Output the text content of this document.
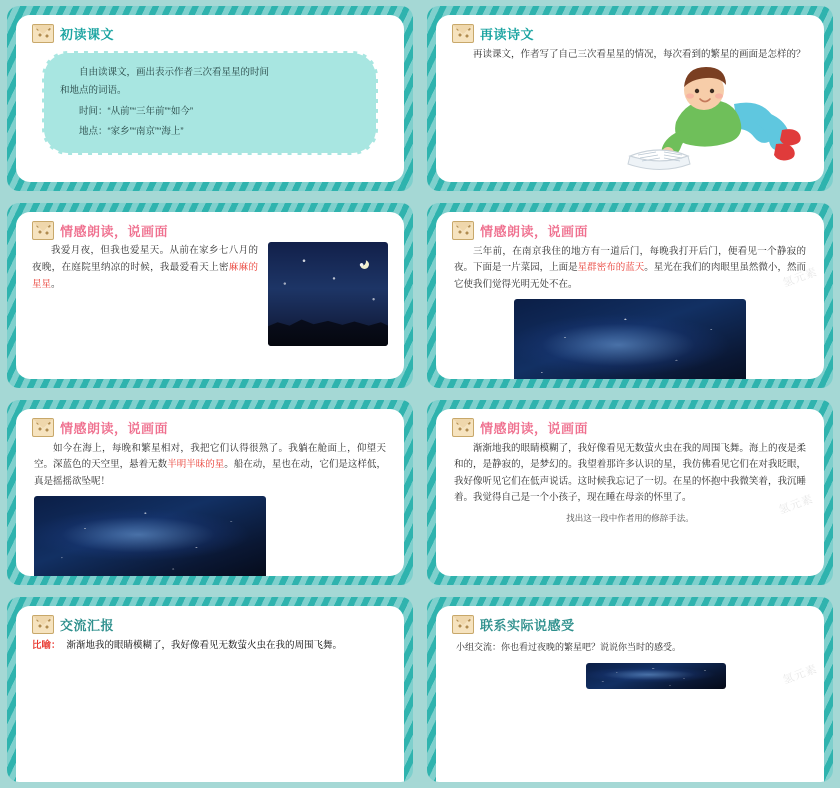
初读课文
自由读课文，画出表示作者三次看星星的时间
和地点的词语。
时间：“从前”“三年前”“如今”
地点：“家乡”“南京”“海上”
再读诗文
再读课文，作者写了自己三次看星星的情况，每次看到的繁星的画面是怎样的？
情感朗读，说画面
我爱月夜，但我也爱星天。从前在家乡七八月的夜晚，在庭院里纳凉的时候，我最爱看天上密麻麻的星星。
情感朗读，说画面
三年前，在南京我住的地方有一道后门，每晚我打开后门，便看见一个静寂的夜。下面是一片菜园，上面是星群密布的蓝天。星光在我们的肉眼里虽然微小，然而它使我们觉得光明无处不在。	氢元素
情感朗读，说画面
如今在海上，每晚和繁星相对，我把它们认得很熟了。我躺在舱面上，仰望天空。深蓝色的天空里，悬着无数半明半昧的星。船在动，星也在动，它们是这样低，真是摇摇欲坠呢！
情感朗读，说画面
渐渐地我的眼睛模糊了，我好像看见无数萤火虫在我的周围飞舞。海上的夜是柔和的，是静寂的，是梦幻的。我望着那许多认识的星，我仿佛看见它们在对我眨眼，我好像听见它们在低声说话。这时候我忘记了一切。在星的怀抱中我微笑着，我沉睡着。我觉得自己是一个小孩子，现在睡在母亲的怀里了。
找出这一段中作者用的修辞手法。
氢元素
交流汇报
比喻： 渐渐地我的眼睛模糊了，我好像看见无数萤火虫在我的周围飞舞。
联系实际说感受
小组交流：你也看过夜晚的繁星吧？说说你当时的感受。
氢元素
